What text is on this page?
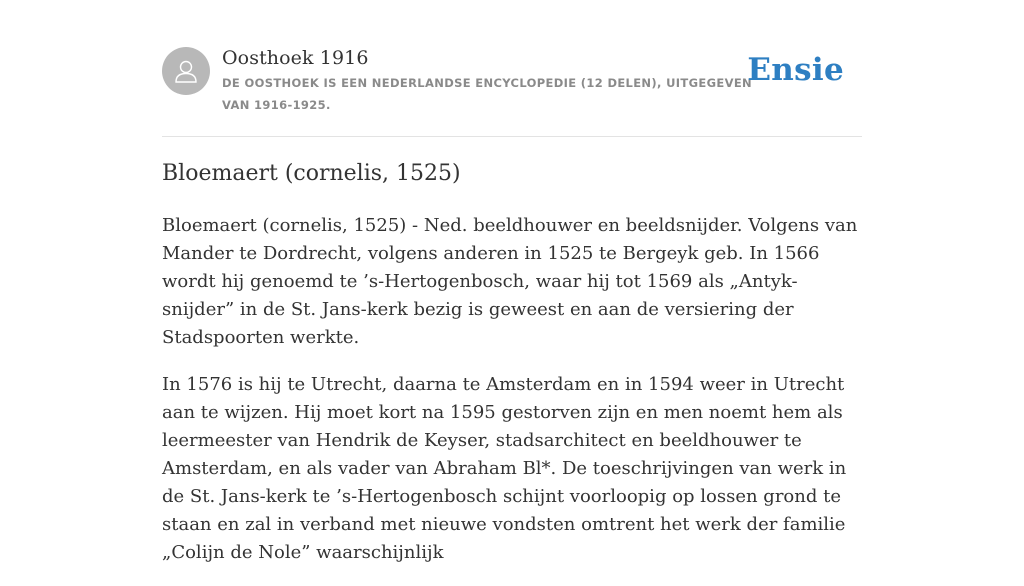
Oosthoek 1916
DE OOSTHOEK IS EEN NEDERLANDSE ENCYCLOPEDIE (12 DELEN), UITGEGEVEN VAN 1916-1925.
Ensie
Bloemaert (cornelis, 1525)

Bloemaert (cornelis, 1525) - Ned. beeldhouwer en beeldsnijder. Volgens van Mander te Dordrecht, volgens anderen in 1525 te Bergeyk geb. In 1566 wordt hij genoemd te ’s-Hertogenbosch, waar hij tot 1569 als „Antyk-snijder” in de St. Jans-kerk bezig is geweest en aan de versiering der Stadspoorten werkte.

In 1576 is hij te Utrecht, daarna te Amsterdam en in 1594 weer in Utrecht aan te wijzen. Hij moet kort na 1595 gestorven zijn en men noemt hem als leermeester van Hendrik de Keyser, stadsarchitect en beeldhouwer te Amsterdam, en als vader van Abraham Bl*. De toeschrijvingen van werk in de St. Jans-kerk te ’s-Hertogenbosch schijnt voorloopig op lossen grond te staan en zal in verband met nieuwe vondsten omtrent het werk der familie „Colijn de Nole” waarschijnlijk
